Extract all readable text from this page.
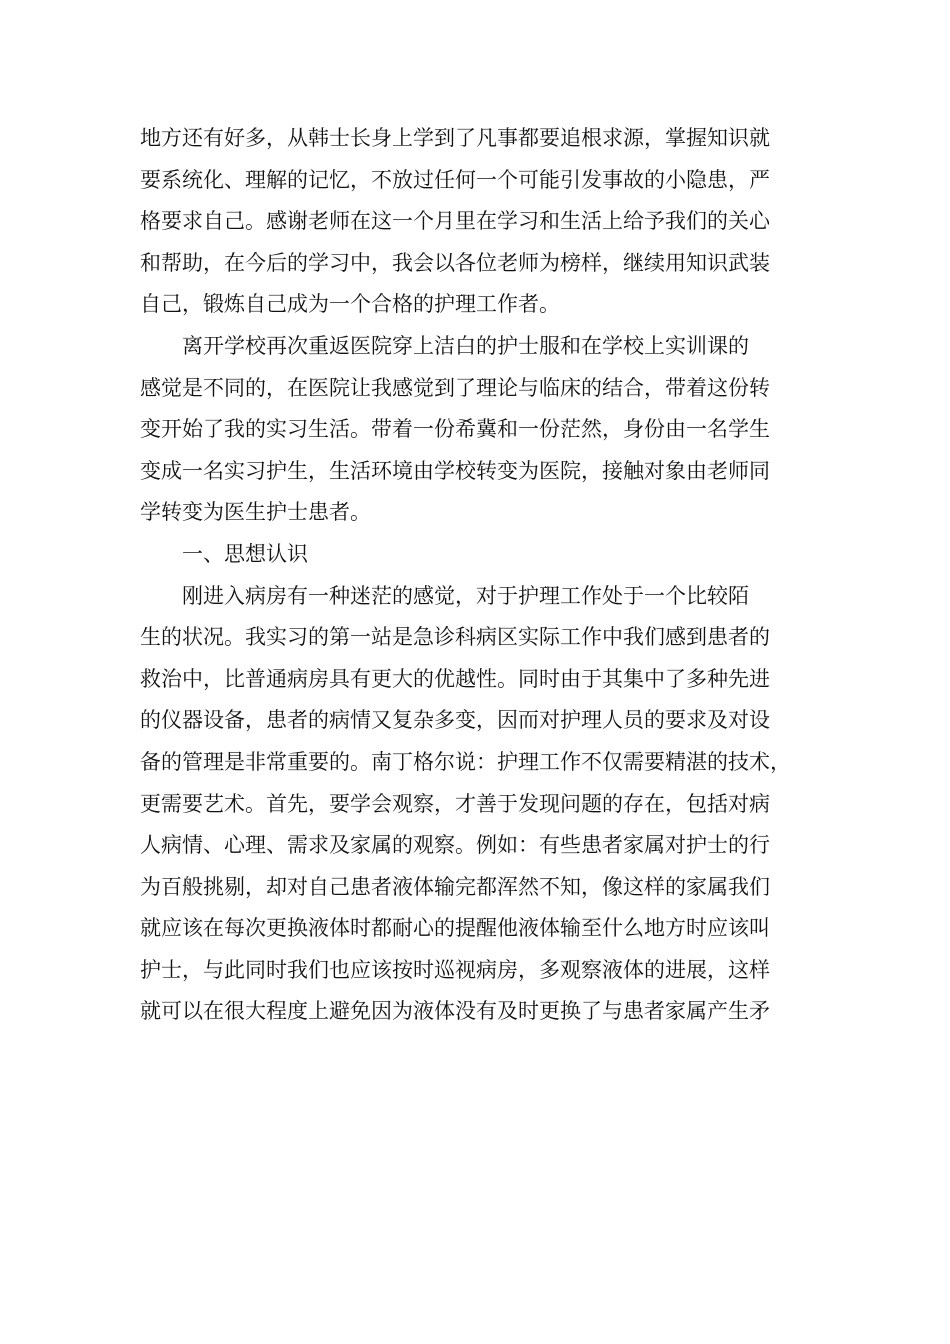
地方还有好多，从韩士长身上学到了凡事都要追根求源，掌握知识就
要系统化、理解的记忆，不放过任何一个可能引发事故的小隐患，严
格要求自己。感谢老师在这一个月里在学习和生活上给予我们的关心
和帮助，在今后的学习中，我会以各位老师为榜样，继续用知识武装
自己，锻炼自己成为一个合格的护理工作者。
离开学校再次重返医院穿上洁白的护士服和在学校上实训课的
感觉是不同的，在医院让我感觉到了理论与临床的结合，带着这份转
变开始了我的实习生活。带着一份希冀和一份茫然，身份由一名学生
变成一名实习护生，生活环境由学校转变为医院，接触对象由老师同
学转变为医生护士患者。
一、思想认识
刚进入病房有一种迷茫的感觉，对于护理工作处于一个比较陌
生的状况。我实习的第一站是急诊科病区实际工作中我们感到患者的
救治中，比普通病房具有更大的优越性。同时由于其集中了多种先进
的仪器设备，患者的病情又复杂多变，因而对护理人员的要求及对设
备的管理是非常重要的。南丁格尔说：护理工作不仅需要精湛的技术，
更需要艺术。首先，要学会观察，才善于发现问题的存在，包括对病
人病情、心理、需求及家属的观察。例如：有些患者家属对护士的行
为百般挑剔，却对自己患者液体输完都浑然不知，像这样的家属我们
就应该在每次更换液体时都耐心的提醒他液体输至什么地方时应该叫
护士，与此同时我们也应该按时巡视病房，多观察液体的进展，这样
就可以在很大程度上避免因为液体没有及时更换了与患者家属产生矛
